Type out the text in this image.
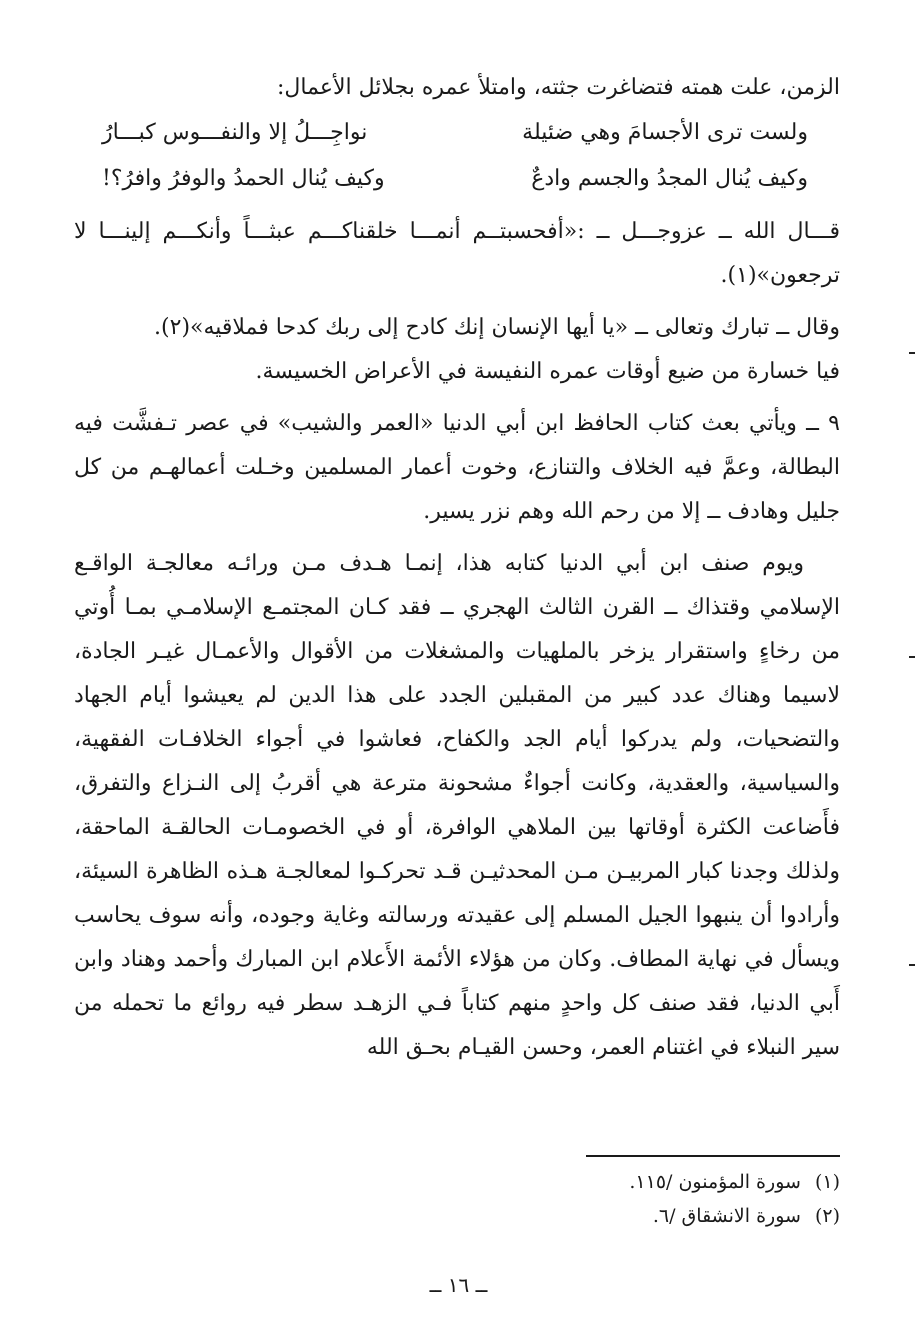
الزمن، علت همته فتضاغرت جثته، وامتلأ عمره بجلائل الأعمال:

ولست ترى الأجسامَ وهي ضئيلة
نواجِـــلُ إلا والنفـــوس كبـــارُ
وكيف يُنال المجدُ والجسم وادعٌ
وكيف يُنال الحمدُ والوفرُ وافرُ؟!

قـــال الله ــ عزوجـــل ــ :«أفحسبتــم أنمـــا خلقناكـــم عبثـــاً وأنكـــم إلينـــا لا ترجعون»(١).

وقال ــ تبارك وتعالى ــ «يا أيها الإنسان إنك كادح إلى ربك كدحا فملاقيه»(٢).

فيا خسارة من ضيع أوقات عمره النفيسة في الأعراض الخسيسة.

٩ ــ ويأتي بعث كتاب الحافظ ابن أبي الدنيا «العمر والشيب» في عصر تـفشَّت فيه البطالة، وعمَّ فيه الخلاف والتنازع، وخوت أعمار المسلمين وخـلت أعمالهـم من كل جليل وهادف ــ إلا من رحم الله وهم نزر يسير.

ويوم صنف ابن أبي الدنيا كتابه هذا، إنمـا هـدف مـن ورائـه معالجـة الواقـع الإسلامي وقتذاك ــ القرن الثالث الهجري ــ فقد كـان المجتمـع الإسلامـي بمـا أُوتي من رخاءٍ واستقرار يزخر بالملهيات والمشغلات من الأقوال والأعمـال غيـر الجادة، لاسيما وهناك عدد كبير من المقبلين الجدد على هذا الدين لم يعيشوا أيام الجهاد والتضحيات، ولم يدركوا أيام الجد والكفاح، فعاشوا في أجواء الخلافـات الفقهية، والسياسية، والعقدية، وكانت أجواءٌ مشحونة مترعة هي أقربُ إلى النـزاع والتفرق، فأَضاعت الكثرة أوقاتها بين الملاهي الوافرة، أو في الخصومـات الحالقـة الماحقة، ولذلك وجدنا كبار المربيـن مـن المحدثيـن قـد تحركـوا لمعالجـة هـذه الظاهرة السيئة، وأرادوا أن ينبهوا الجيل المسلم إلى عقيدته ورسالته وغاية وجوده، وأنه سوف يحاسب ويسأل في نهاية المطاف. وكان من هؤلاء الأئمة الأَعلام ابن المبارك وأحمد وهناد وابن أَبي الدنيا، فقد صنف كل واحدٍ منهم كتاباً فـي الزهـد سطر فيه روائع ما تحمله من سير النبلاء في اغتنام العمر، وحسن القيـام بحـق الله

(١)سورة المؤمنون /١١٥.

(٢)سورة الانشقاق /٦.

ــ ١٦ ــ
